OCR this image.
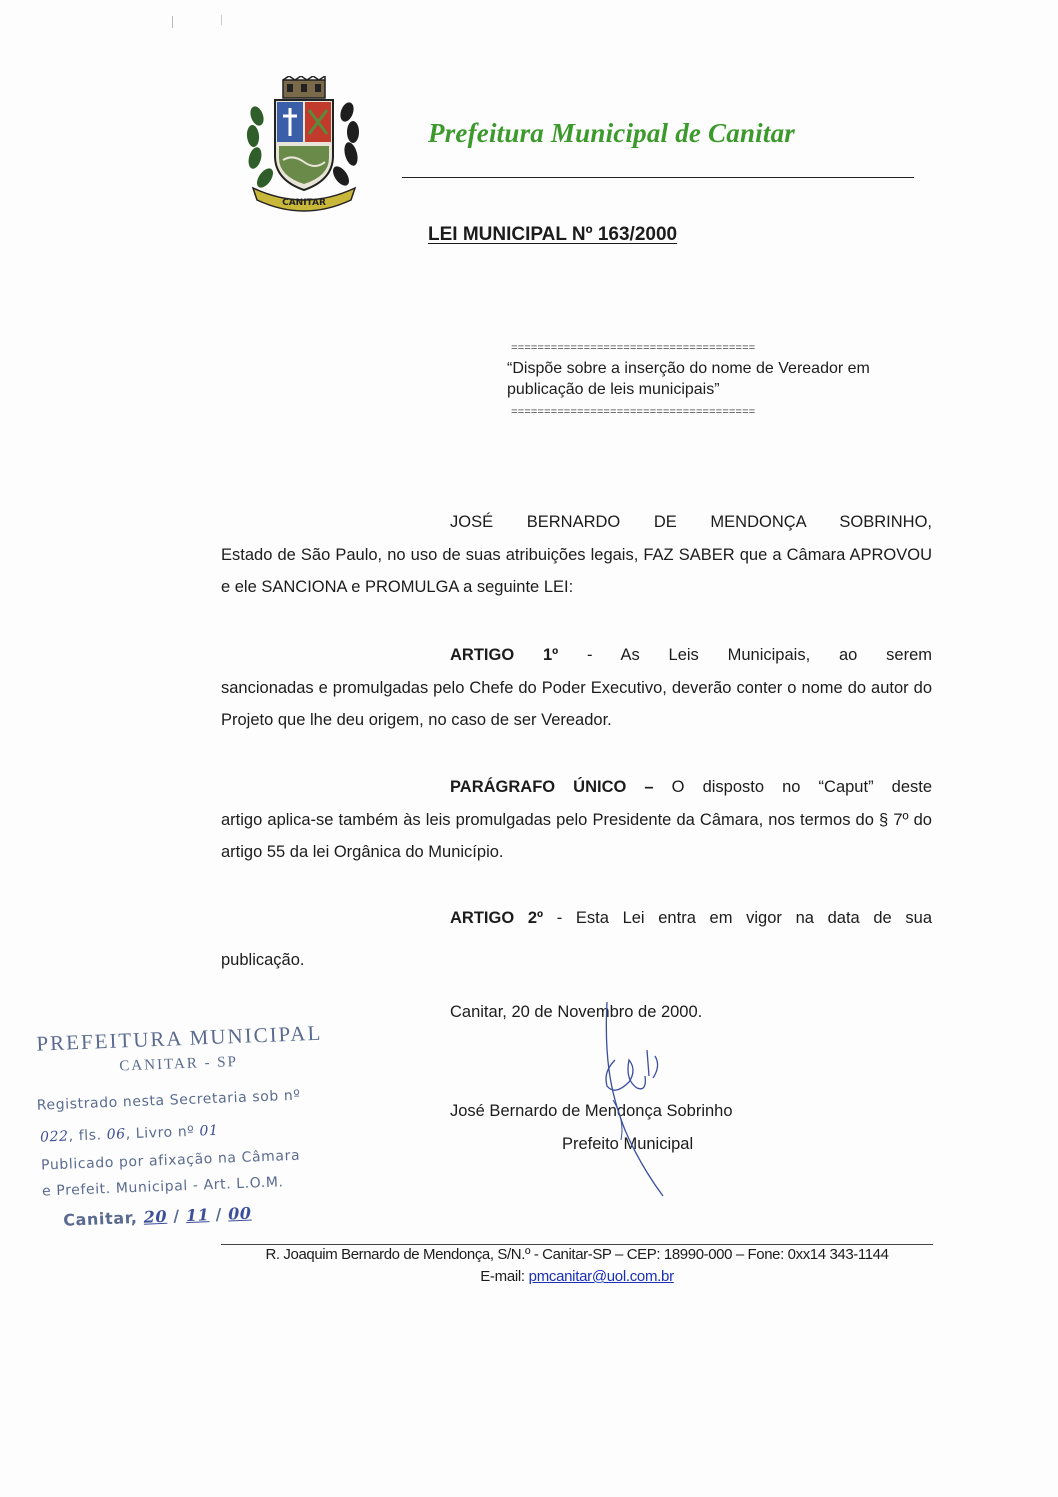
CANITAR
Prefeitura Municipal de Canitar
LEI MUNICIPAL Nº 163/2000
=====================================
“Dispõe sobre a inserção do nome de Vereador em publicação de leis municipais”
=====================================
JOSÉ BERNARDO DE MENDONÇA SOBRINHO,
Estado de São Paulo, no uso de suas atribuições legais, FAZ SABER que a Câmara APROVOU e ele SANCIONA e PROMULGA a seguinte LEI:
ARTIGO 1º - As Leis Municipais, ao serem
sancionadas e promulgadas pelo Chefe do Poder Executivo, deverão conter o nome do autor do Projeto que lhe deu origem, no caso de ser Vereador.
PARÁGRAFO ÚNICO – O disposto no “Caput” deste
artigo aplica-se também às leis promulgadas pelo Presidente da Câmara, nos termos do § 7º do artigo 55 da lei Orgânica do Município.
ARTIGO 2º - Esta Lei entra em vigor na data de sua
publicação.
Canitar, 20 de Novembro de 2000.
José Bernardo de Mendonça Sobrinho
Prefeito Municipal
PREFEITURA MUNICIPAL
CANITAR - SP
Registrado nesta Secretaria sob nº
022, fls. 06, Livro nº 01
Publicado por afixação na Câmara
e Prefeit. Municipal - Art. L.O.M.
Canitar, 20 / 11 / 00
R. Joaquim Bernardo de Mendonça, S/N.º - Canitar-SP – CEP: 18990-000 – Fone: 0xx14 343-1144
E-mail: pmcanitar@uol.com.br
